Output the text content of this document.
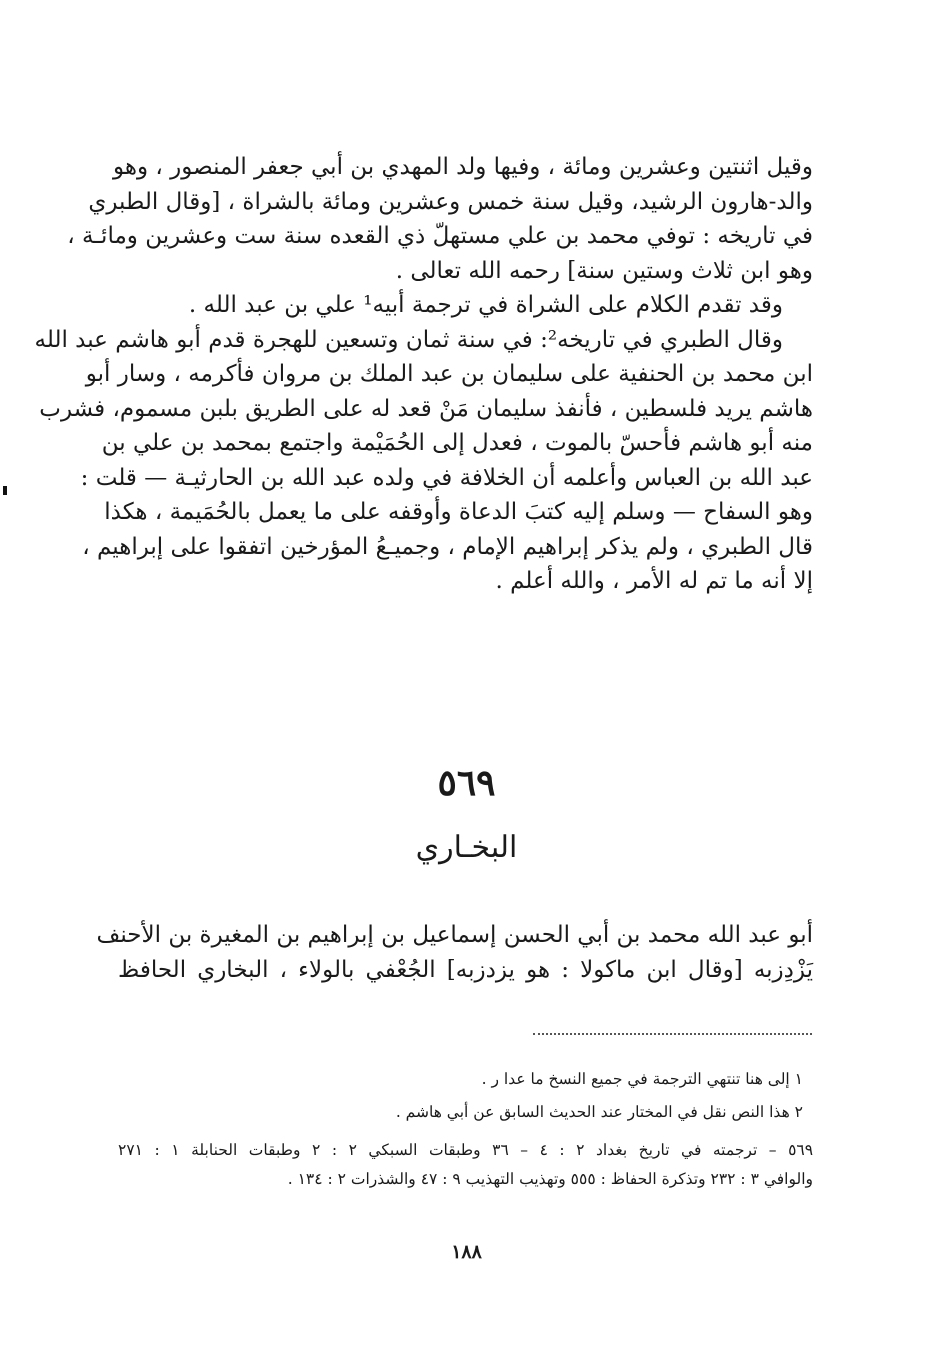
وقيل اثنتين وعشرين ومائة ، وفيها ولد المهدي بن أبي جعفر المنصور ، وهو
والد-هارون الرشيد، وقيل سنة خمس وعشرين ومائة بالشراة ، [وقال الطبري
في تاريخه : توفي محمد بن علي مستهلّ ذي القعده سنة ست وعشرين ومائـة ،
وهو ابن ثلاث وستين سنة] رحمه الله تعالى .
وقد تقدم الكلام على الشراة في ترجمة أبيه¹ علي بن عبد الله .
وقال الطبري في تاريخه²: في سنة ثمان وتسعين للهجرة قدم أبو هاشم عبد الله
ابن محمد بن الحنفية على سليمان بن عبد الملك بن مروان فأكرمه ، وسار أبو
هاشم يريد فلسطين ، فأنفذ سليمان مَنْ قعد له على الطريق بلبن مسموم، فشرب
منه أبو هاشم فأحسّ بالموت ، فعدل إلى الحُمَيْمة واجتمع بمحمد بن علي بن
عبد الله بن العباس وأعلمه أن الخلافة في ولده عبد الله بن الحارثيـة — قلت :
وهو السفاح — وسلم إليه كتبَ الدعاة وأوقفه على ما يعمل بالحُمَيمة ، هكذا
قال الطبري ، ولم يذكر إبراهيم الإمام ، وجميـعُ المؤرخين اتفقوا على إبراهيم ،
إلا أنه ما تم له الأمر ، والله أعلم .
٥٦٩
البخـاري
أبو عبد الله محمد بن أبي الحسن إسماعيل بن إبراهيم بن المغيرة بن الأحنف
يَزْدِزبه [وقال ابن ماكولا : هو يزدزبه] الجُعْفي بالولاء ، البخاري الحافظ
١ إلى هنا تنتهي الترجمة في جميع النسخ ما عدا ر .
٢ هذا النص نقل في المختار عند الحديث السابق عن أبي هاشم .
٥٦٩ – ترجمته في تاريخ بغداد ٢ : ٤ – ٣٦ وطبقات السبكي ٢ : ٢ وطبقات الحنابلة ١ : ٢٧١
والوافي ٣ : ٢٣٢ وتذكرة الحفاظ : ٥٥٥ وتهذيب التهذيب ٩ : ٤٧ والشذرات ٢ : ١٣٤ .
١٨٨
